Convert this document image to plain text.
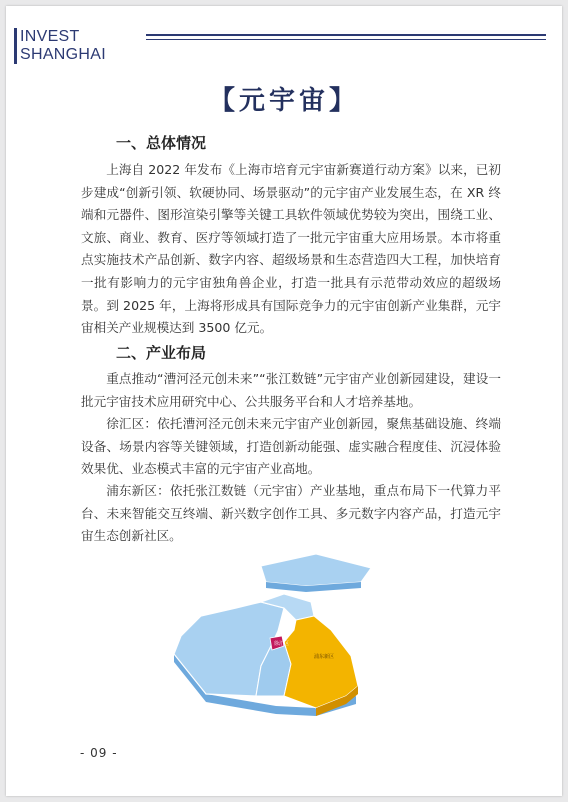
INVEST
SHANGHAI
【元宇宙】
一、总体情况
上海自 2022 年发布《上海市培育元宇宙新赛道行动方案》以来，已初步建成“创新引领、软硬协同、场景驱动”的元宇宙产业发展生态，在 XR 终端和元器件、图形渲染引擎等关键工具软件领域优势较为突出，围绕工业、文旅、商业、教育、医疗等领域打造了一批元宇宙重大应用场景。本市将重点实施技术产品创新、数字内容、超级场景和生态营造四大工程，加快培育一批有影响力的元宇宙独角兽企业，打造一批具有示范带动效应的超级场景。到 2025 年，上海将形成具有国际竞争力的元宇宙创新产业集群，元宇宙相关产业规模达到 3500 亿元。
二、产业布局
重点推动“漕河泾元创未来”“张江数链”元宇宙产业创新园建设，建设一批元宇宙技术应用研究中心、公共服务平台和人才培养基地。
徐汇区：依托漕河泾元创未来元宇宙产业创新园，聚焦基础设施、终端设备、场景内容等关键领域，打造创新动能强、虚实融合程度佳、沉浸体验效果优、业态模式丰富的元宇宙产业高地。
浦东新区：依托张江数链（元宇宙）产业基地，重点布局下一代算力平台、未来智能交互终端、新兴数字创作工具、多元数字内容产品，打造元宇宙生态创新社区。
徐汇区
浦东新区
- 09 -
